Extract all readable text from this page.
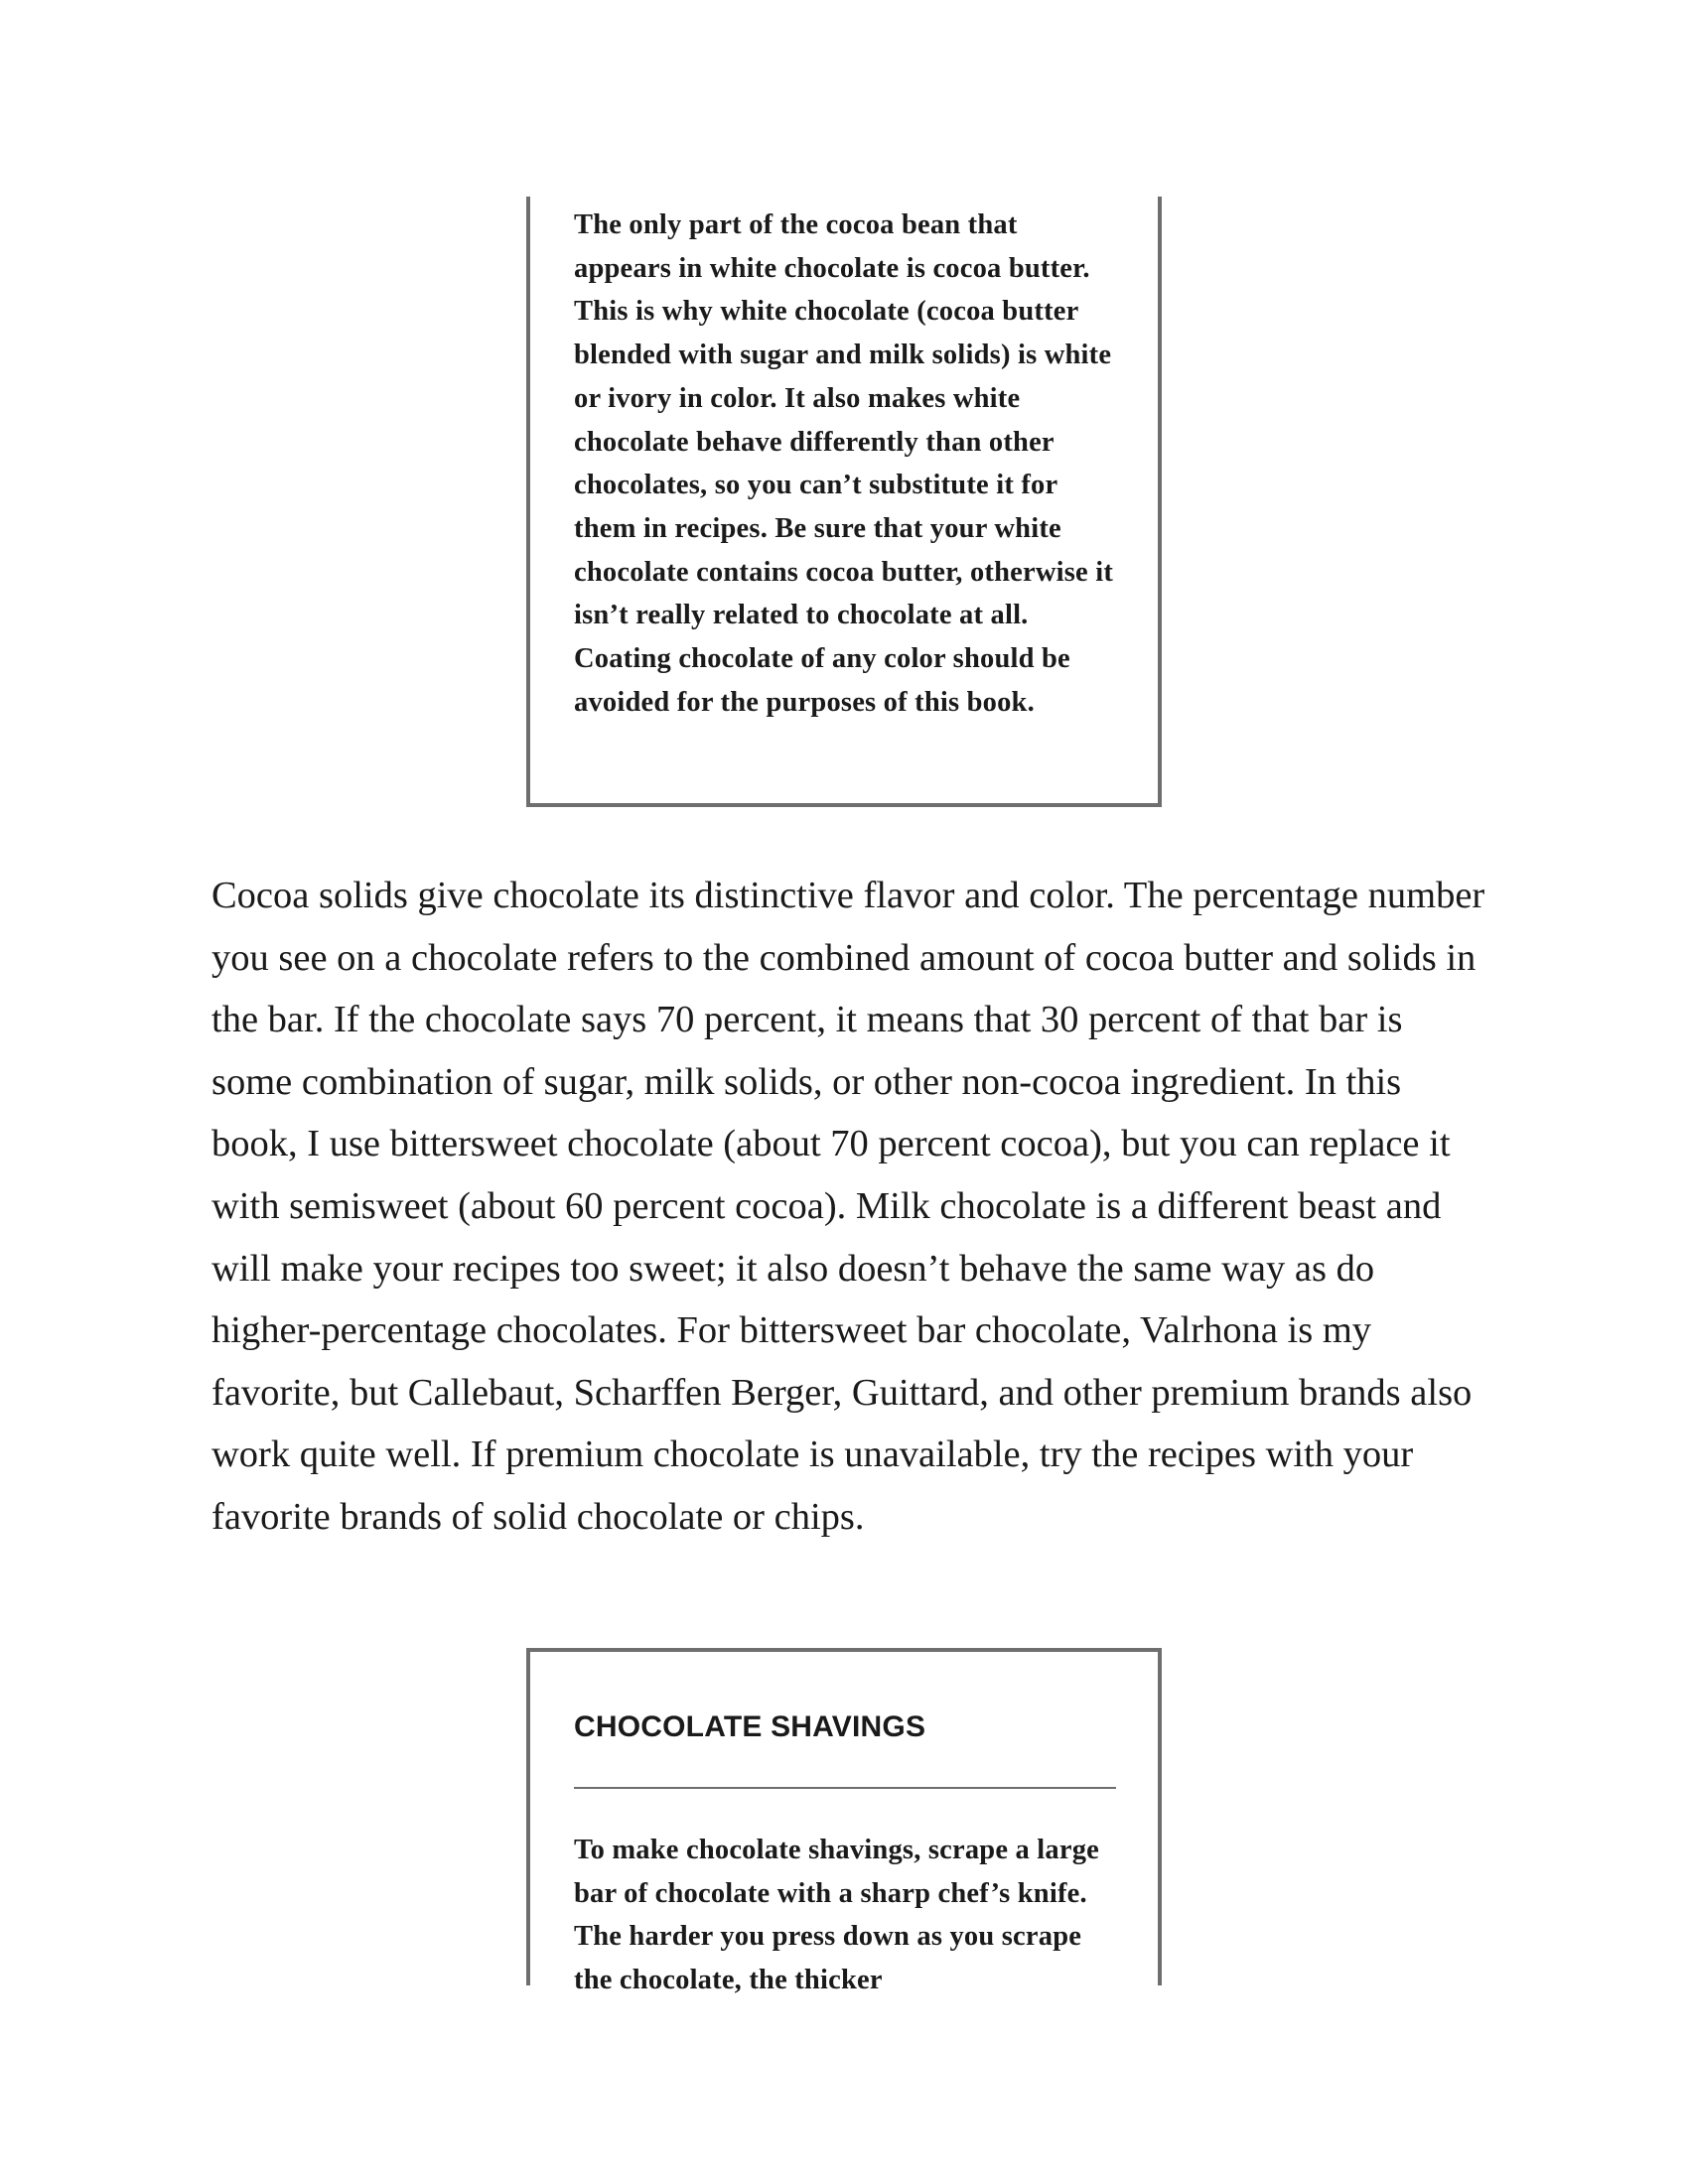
The only part of the cocoa bean that appears in white chocolate is cocoa butter. This is why white chocolate (cocoa butter blended with sugar and milk solids) is white or ivory in color. It also makes white chocolate behave differently than other chocolates, so you can’t substitute it for them in recipes. Be sure that your white chocolate contains cocoa butter, otherwise it isn’t really related to chocolate at all. Coating chocolate of any color should be avoided for the purposes of this book.

Cocoa solids give chocolate its distinctive flavor and color. The percentage number you see on a chocolate refers to the combined amount of cocoa butter and solids in the bar. If the chocolate says 70 percent, it means that 30 percent of that bar is some combination of sugar, milk solids, or other non-cocoa ingredient. In this book, I use bittersweet chocolate (about 70 percent cocoa), but you can replace it with semisweet (about 60 percent cocoa). Milk chocolate is a different beast and will make your recipes too sweet; it also doesn’t behave the same way as do higher-percentage chocolates. For bittersweet bar chocolate, Valrhona is my favorite, but Callebaut, Scharffen Berger, Guittard, and other premium brands also work quite well. If premium chocolate is unavailable, try the recipes with your favorite brands of solid chocolate or chips.

CHOCOLATE SHAVINGS

To make chocolate shavings, scrape a large bar of chocolate with a sharp chef’s knife. The harder you press down as you scrape the chocolate, the thicker
